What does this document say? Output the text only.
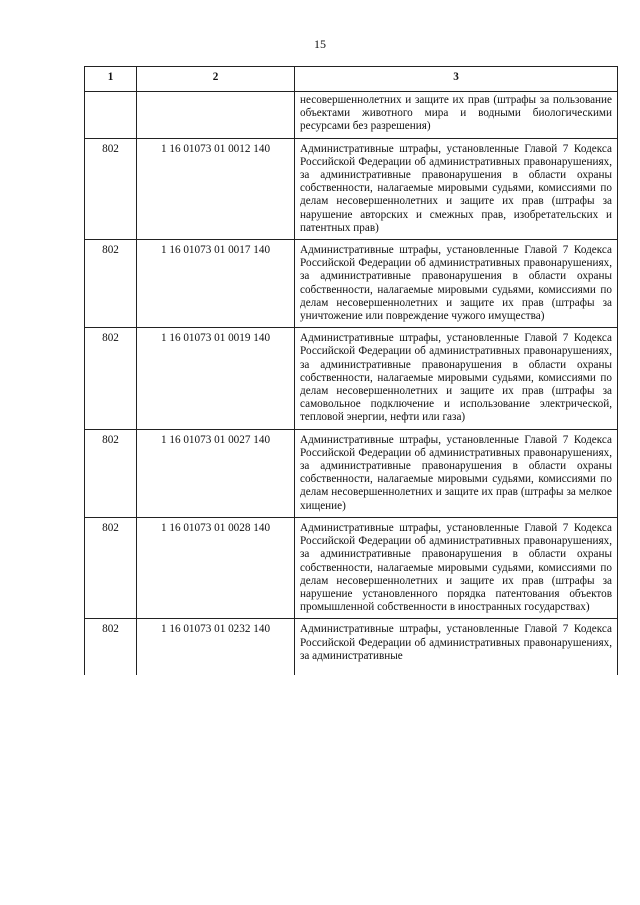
15
1	2	3
		несовершеннолетних и защите их прав (штрафы за пользование объектами животного мира и водными биологическими ресурсами без разрешения)
802	1 16 01073 01 0012 140	Административные штрафы, установленные Главой 7 Кодекса Российской Федерации об административных правонарушениях, за административные правонарушения в области охраны собственности, налагаемые мировыми судьями, комиссиями по делам несовершеннолетних и защите их прав (штрафы за нарушение авторских и смежных прав, изобретательских и патентных прав)
802	1 16 01073 01 0017 140	Административные штрафы, установленные Главой 7 Кодекса Российской Федерации об административных правонарушениях, за административные правонарушения в области охраны собственности, налагаемые мировыми судьями, комиссиями по делам несовершеннолетних и защите их прав (штрафы за уничтожение или повреждение чужого имущества)
802	1 16 01073 01 0019 140	Административные штрафы, установленные Главой 7 Кодекса Российской Федерации об административных правонарушениях, за административные правонарушения в области охраны собственности, налагаемые мировыми судьями, комиссиями по делам несовершеннолетних и защите их прав (штрафы за самовольное подключение и использование электрической, тепловой энергии, нефти или газа)
802	1 16 01073 01 0027 140	Административные штрафы, установленные Главой 7 Кодекса Российской Федерации об административных правонарушениях, за административные правонарушения в области охраны собственности, налагаемые мировыми судьями, комиссиями по делам несовершеннолетних и защите их прав (штрафы за мелкое хищение)
802	1 16 01073 01 0028 140	Административные штрафы, установленные Главой 7 Кодекса Российской Федерации об административных правонарушениях, за административные правонарушения в области охраны собственности, налагаемые мировыми судьями, комиссиями по делам несовершеннолетних и защите их прав (штрафы за нарушение установленного порядка патентования объектов промышленной собственности в иностранных государствах)
802	1 16 01073 01 0232 140	Административные штрафы, установленные Главой 7 Кодекса Российской Федерации об административных правонарушениях, за административные
